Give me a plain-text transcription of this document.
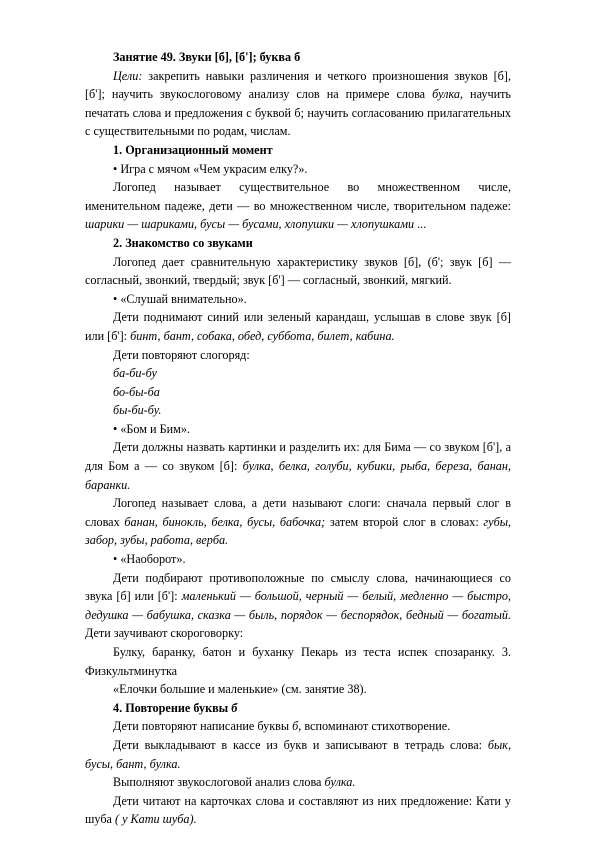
Занятие 49. Звуки [б], [б']; буква б

Цели: закрепить навыки различения и четкого произношения звуков [б], [б']; научить звукослоговому анализу слов на примере слова булка, научить печатать слова и предложения с буквой б; научить согласованию прилагательных с существительными по родам, числам.

1. Организационный момент

• Игра с мячом «Чем украсим елку?».

Логопед называет существительное во множественном числе, именительном падеже, дети — во множественном числе, творительном падеже: шарики — шариками, бусы — бусами, хлопушки — хлопушками ...

2. Знакомство со звуками

Логопед дает сравнительную характеристику звуков [б], (б'; звук [б] — согласный, звонкий, твердый; звук [б'] — согласный, звонкий, мягкий.

• «Слушай внимательно».

Дети поднимают синий или зеленый карандаш, услышав в слове звук [б] или [б']: бинт, бант, собака, обед, суббота, билет, кабина.

Дети повторяют слогоряд:

ба-би-бу

бо-бы-ба

бы-би-бу.

• «Бом и Бим».

Дети должны назвать картинки и разделить их: для Бима — со звуком [б'], а для Бом а — со звуком [б]: булка, белка, голуби, кубики, рыба, береза, банан, баранки.

Логопед называет слова, а дети называют слоги: сначала первый слог в словах банан, бинокль, белка, бусы, бабочка; затем второй слог в словах: губы, забор, зубы, работа, верба.

• «Наоборот».

Дети подбирают противоположные по смыслу слова, начинающиеся со звука [б] или [б']: маленький — большой, черный — белый, медленно — быстро, дедушка — бабушка, сказка — быль, порядок — беспорядок, бедный — богатый. Дети заучивают скороговорку:

Булку, баранку, батон и буханку Пекарь из теста испек спозаранку. 3. Физкультминутка

«Елочки большие и маленькие» (см. занятие 38).

4. Повторение буквы б

Дети повторяют написание буквы б, вспоминают стихотворение.

Дети выкладывают в кассе из букв и записывают в тетрадь слова: бык, бусы, бант, булка.

Выполняют звукослоговой анализ слова булка.

Дети читают на карточках слова и составляют из них предложение: Кати у шуба ( у Кати шуба).
